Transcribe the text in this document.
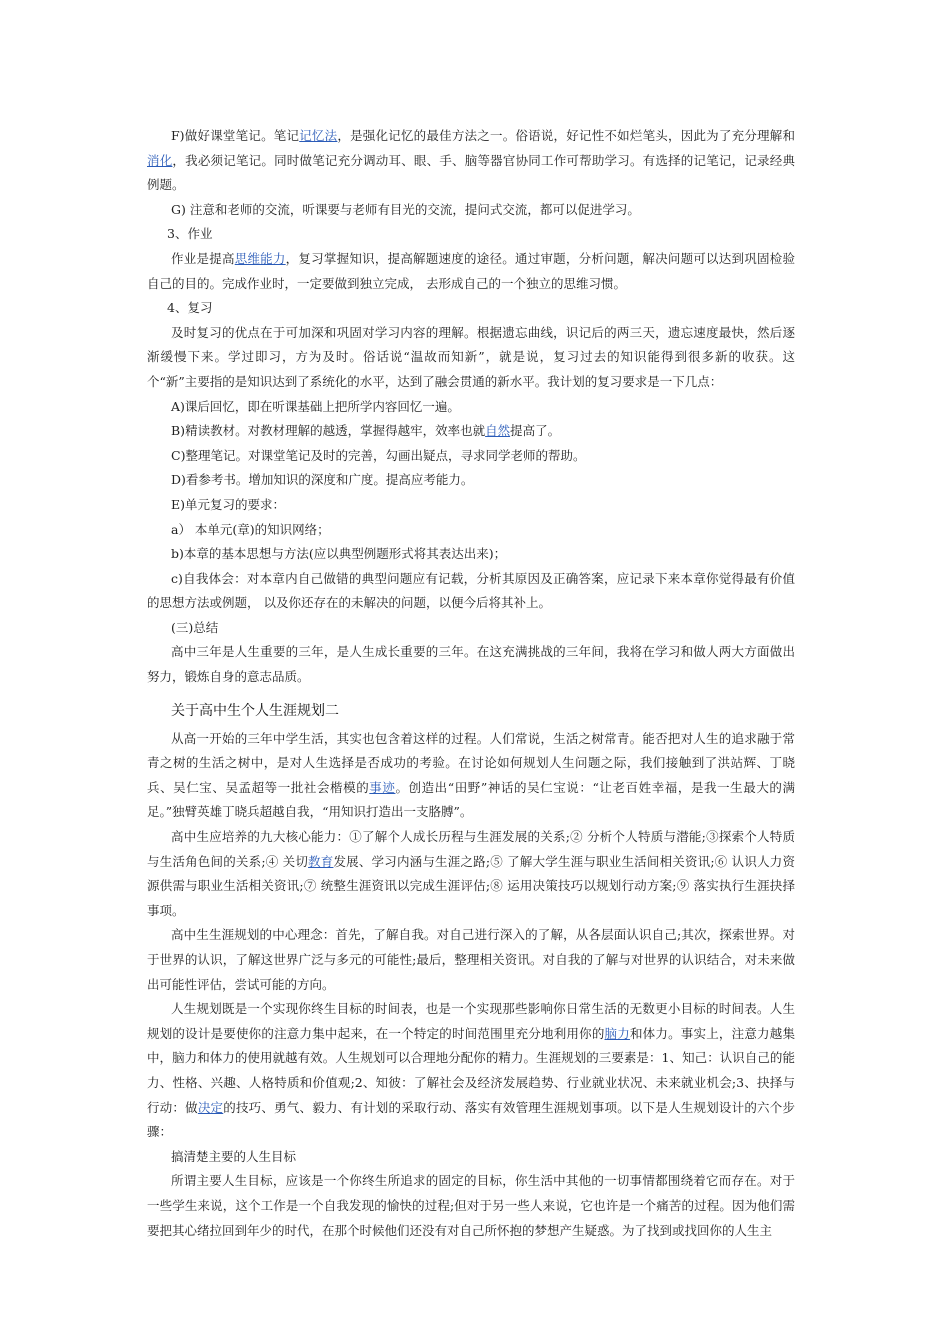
F)做好课堂笔记。笔记记忆法，是强化记忆的最佳方法之一。俗语说，好记性不如烂笔头，因此为了充分理解和消化，我必须记笔记。同时做笔记充分调动耳、眼、手、脑等器官协同工作可帮助学习。有选择的记笔记，记录经典例题。

G) 注意和老师的交流，听课要与老师有目光的交流，提问式交流，都可以促进学习。

3、作业

作业是提高思维能力，复习掌握知识，提高解题速度的途径。通过审题，分析问题，解决问题可以达到巩固检验自己的目的。完成作业时，一定要做到独立完成， 去形成自己的一个独立的思维习惯。

4、复习

及时复习的优点在于可加深和巩固对学习内容的理解。根据遗忘曲线，识记后的两三天，遗忘速度最快，然后逐渐缓慢下来。学过即习，方为及时。俗话说“温故而知新”，就是说，复习过去的知识能得到很多新的收获。这个“新”主要指的是知识达到了系统化的水平，达到了融会贯通的新水平。我计划的复习要求是一下几点：

A)课后回忆，即在听课基础上把所学内容回忆一遍。

B)精读教材。对教材理解的越透，掌握得越牢，效率也就自然提高了。

C)整理笔记。对课堂笔记及时的完善，勾画出疑点，寻求同学老师的帮助。

D)看参考书。增加知识的深度和广度。提高应考能力。

E)单元复习的要求：

a） 本单元(章)的知识网络；

b)本章的基本思想与方法(应以典型例题形式将其表达出来)；

c)自我体会：对本章内自己做错的典型问题应有记载，分析其原因及正确答案，应记录下来本章你觉得最有价值的思想方法或例题， 以及你还存在的未解决的问题，以便今后将其补上。

(三)总结

高中三年是人生重要的三年，是人生成长重要的三年。在这充满挑战的三年间，我将在学习和做人两大方面做出努力，锻炼自身的意志品质。

关于高中生个人生涯规划二

从高一开始的三年中学生活，其实也包含着这样的过程。人们常说，生活之树常青。能否把对人生的追求融于常青之树的生活之树中，是对人生选择是否成功的考验。在讨论如何规划人生问题之际，我们接触到了洪站辉、丁晓兵、吴仁宝、吴孟超等一批社会楷模的事迹。创造出“田野”神话的吴仁宝说：“让老百姓幸福，是我一生最大的满足。”独臂英雄丁晓兵超越自我，“用知识打造出一支胳膊”。

高中生应培养的九大核心能力：①了解个人成长历程与生涯发展的关系;② 分析个人特质与潜能;③探索个人特质与生活角色间的关系;④ 关切教育发展、学习内涵与生涯之路;⑤ 了解大学生涯与职业生活间相关资讯;⑥ 认识人力资源供需与职业生活相关资讯;⑦ 统整生涯资讯以完成生涯评估;⑧ 运用决策技巧以规划行动方案;⑨ 落实执行生涯抉择事项。

高中生生涯规划的中心理念：首先，了解自我。对自己进行深入的了解，从各层面认识自己;其次，探索世界。对于世界的认识，了解这世界广泛与多元的可能性;最后，整理相关资讯。对自我的了解与对世界的认识结合，对未来做出可能性评估，尝试可能的方向。

人生规划既是一个实现你终生目标的时间表，也是一个实现那些影响你日常生活的无数更小目标的时间表。人生规划的设计是要使你的注意力集中起来，在一个特定的时间范围里充分地利用你的脑力和体力。事实上，注意力越集中，脑力和体力的使用就越有效。人生规划可以合理地分配你的精力。生涯规划的三要素是：1、知己：认识自己的能力、性格、兴趣、人格特质和价值观;2、知彼：了解社会及经济发展趋势、行业就业状况、未来就业机会;3、抉择与行动：做决定的技巧、勇气、毅力、有计划的采取行动、落实有效管理生涯规划事项。以下是人生规划设计的六个步骤：

搞清楚主要的人生目标

所谓主要人生目标，应该是一个你终生所追求的固定的目标，你生活中其他的一切事情都围绕着它而存在。对于一些学生来说，这个工作是一个自我发现的愉快的过程;但对于另一些人来说，它也许是一个痛苦的过程。因为他们需要把其心绪拉回到年少的时代，在那个时候他们还没有对自己所怀抱的梦想产生疑惑。为了找到或找回你的人生主
